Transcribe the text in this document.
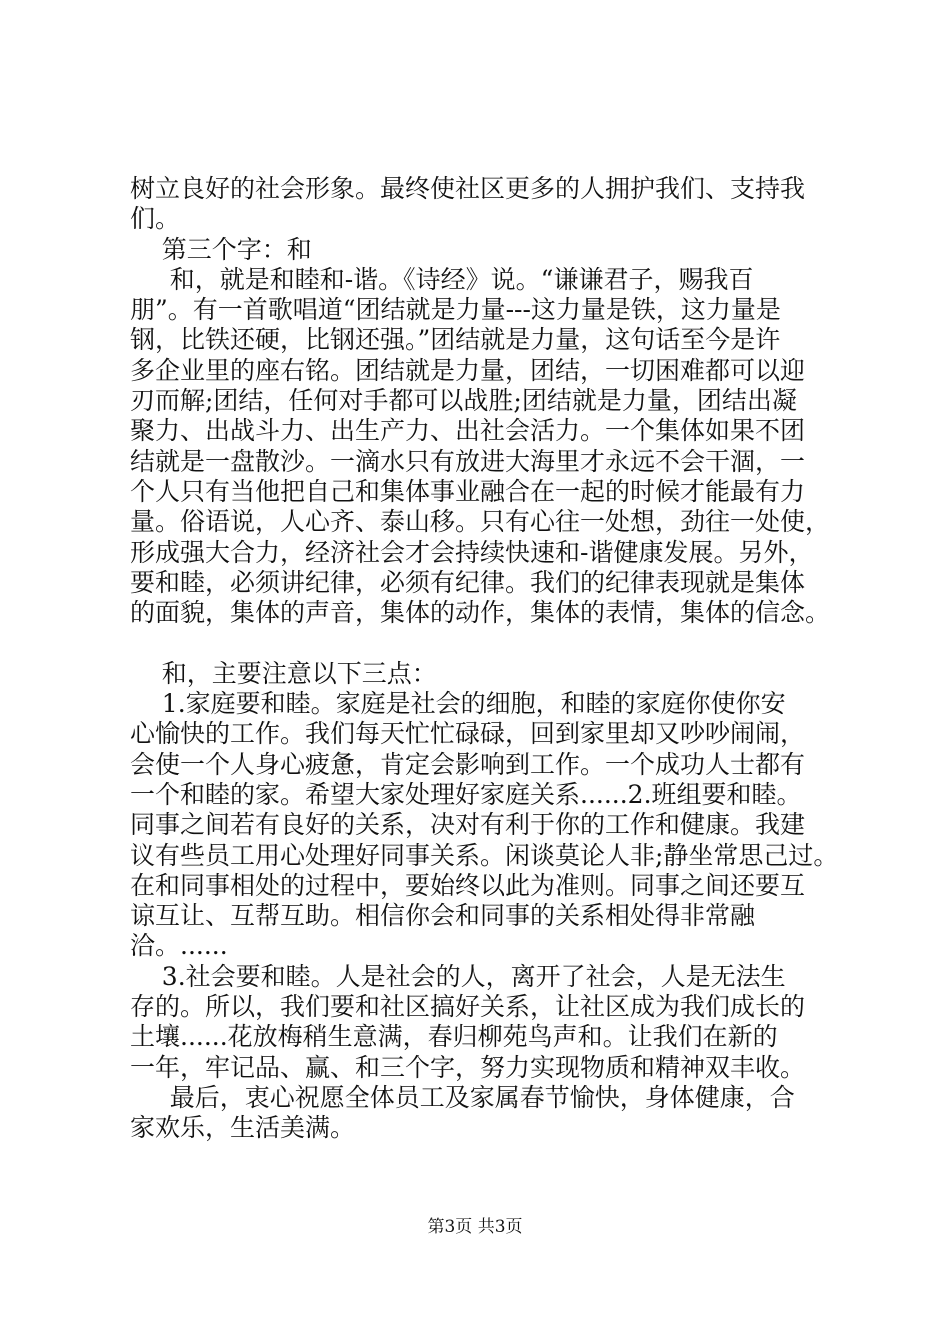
树立良好的社会形象。最终使社区更多的人拥护我们、支持我
们。
第三个字：和
和，就是和睦和-谐。《诗经》说。“谦谦君子，赐我百
朋”。有一首歌唱道“团结就是力量---这力量是铁，这力量是
钢，比铁还硬，比钢还强。”团结就是力量，这句话至今是许
多企业里的座右铭。团结就是力量，团结，一切困难都可以迎
刃而解;团结，任何对手都可以战胜;团结就是力量，团结出凝
聚力、出战斗力、出生产力、出社会活力。一个集体如果不团
结就是一盘散沙。一滴水只有放进大海里才永远不会干涸，一
个人只有当他把自己和集体事业融合在一起的时候才能最有力
量。俗语说，人心齐、泰山移。只有心往一处想，劲往一处使，
形成强大合力，经济社会才会持续快速和-谐健康发展。另外，
要和睦，必须讲纪律，必须有纪律。我们的纪律表现就是集体
的面貌，集体的声音，集体的动作，集体的表情，集体的信念。
和，主要注意以下三点：
1.家庭要和睦。家庭是社会的细胞，和睦的家庭你使你安
心愉快的工作。我们每天忙忙碌碌，回到家里却又吵吵闹闹，
会使一个人身心疲惫，肯定会影响到工作。一个成功人士都有
一个和睦的家。希望大家处理好家庭关系......2.班组要和睦。
同事之间若有良好的关系，决对有利于你的工作和健康。我建
议有些员工用心处理好同事关系。闲谈莫论人非;静坐常思己过。
在和同事相处的过程中，要始终以此为准则。同事之间还要互
谅互让、互帮互助。相信你会和同事的关系相处得非常融
洽。......
3.社会要和睦。人是社会的人，离开了社会，人是无法生
存的。所以，我们要和社区搞好关系，让社区成为我们成长的
土壤......花放梅稍生意满，春归柳苑鸟声和。让我们在新的
一年，牢记品、赢、和三个字，努力实现物质和精神双丰收。
最后，衷心祝愿全体员工及家属春节愉快，身体健康，合
家欢乐，生活美满。
第3页 共3页
